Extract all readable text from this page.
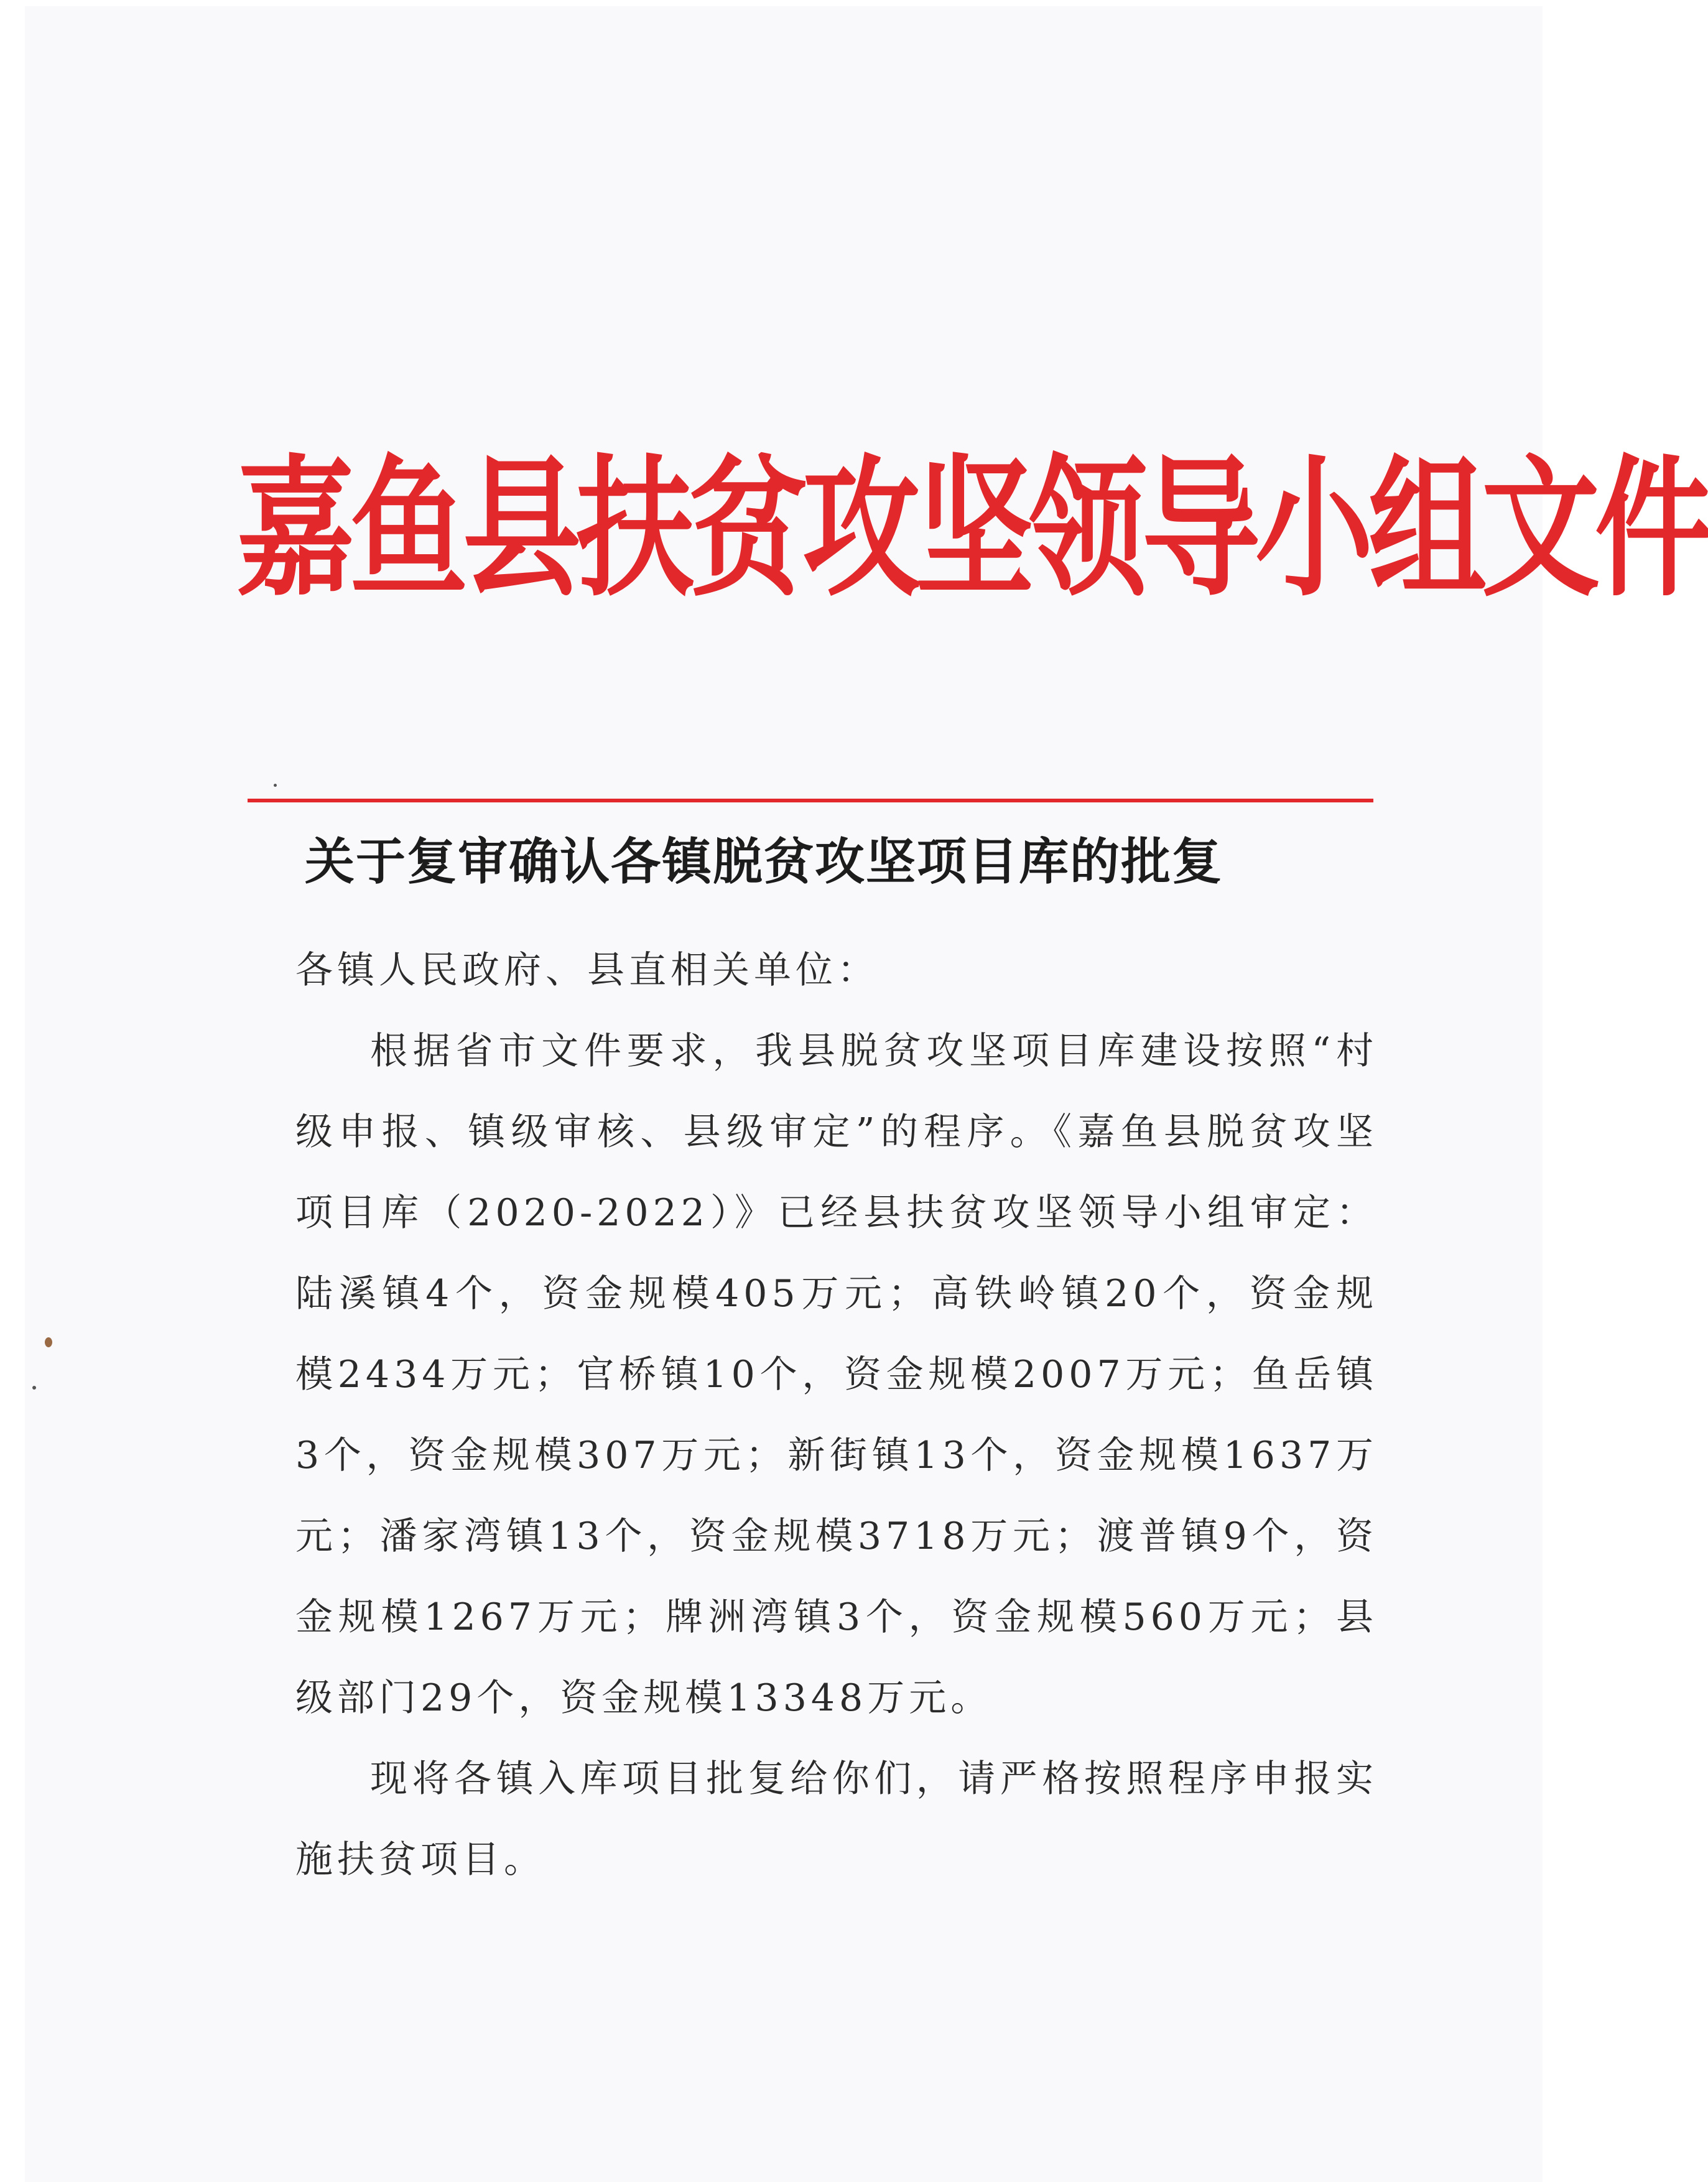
嘉鱼县扶贫攻坚领导小组文件
关于复审确认各镇脱贫攻坚项目库的批复

各镇人民政府、县直相关单位：

根据省市文件要求，我县脱贫攻坚项目库建设按照“村级申报、镇级审核、县级审定”的程序。《嘉鱼县脱贫攻坚项目库（2020-2022）》已经县扶贫攻坚领导小组审定：陆溪镇4个，资金规模405万元；高铁岭镇20个，资金规模2434万元；官桥镇10个，资金规模2007万元；鱼岳镇3个，资金规模307万元；新街镇13个，资金规模1637万元；潘家湾镇13个，资金规模3718万元；渡普镇9个，资金规模1267万元；牌洲湾镇3个，资金规模560万元；县级部门29个，资金规模13348万元。

现将各镇入库项目批复给你们，请严格按照程序申报实施扶贫项目。
